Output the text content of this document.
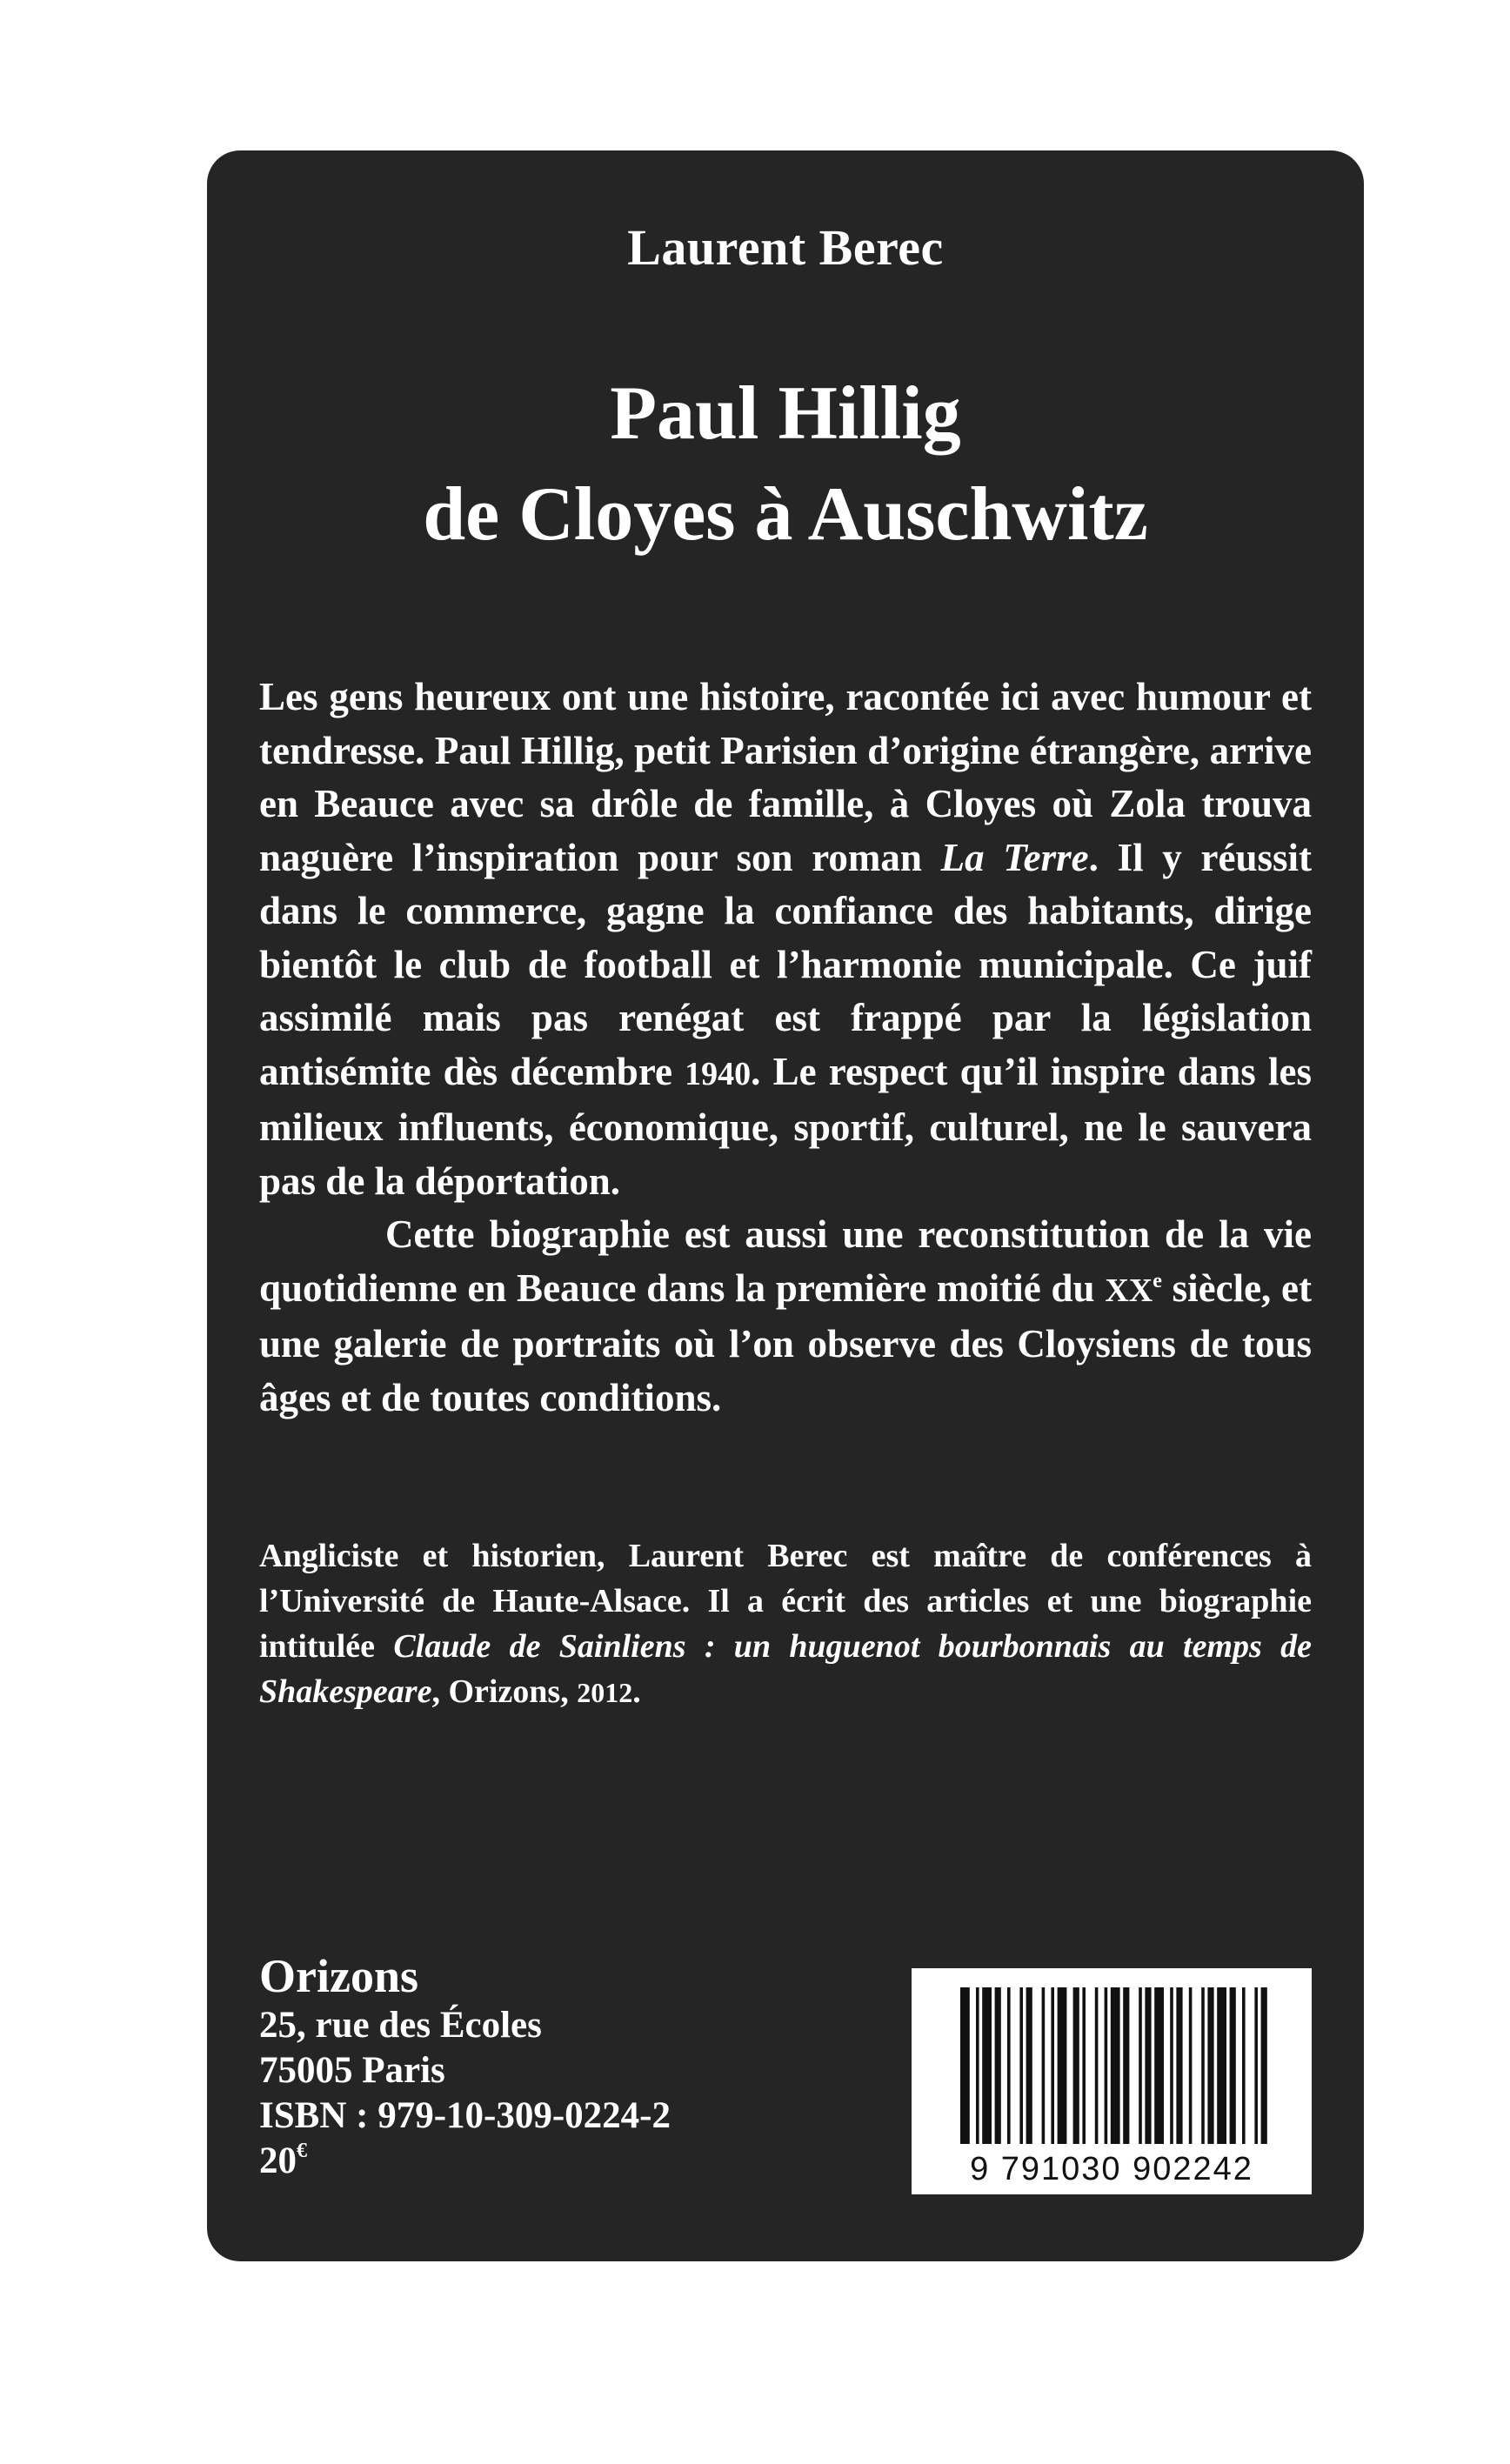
Laurent Berec
Paul Hillig
de Cloyes à Auschwitz

Les gens heureux ont une histoire, racontée ici avec humour et tendresse. Paul Hillig, petit Parisien d’origine étrangère, arrive en Beauce avec sa drôle de famille, à Cloyes où Zola trouva naguère l’inspiration pour son roman La Terre. Il y réussit dans le commerce, gagne la confiance des habitants, dirige bientôt le club de football et l’harmonie municipale. Ce juif assimilé mais pas renégat est frappé par la législation antisémite dès décembre 1940. Le respect qu’il inspire dans les milieux influents, économique, sportif, culturel, ne le sauvera pas de la déportation.

Cette biographie est aussi une reconstitution de la vie quotidienne en Beauce dans la première moitié du XXe siècle, et une galerie de portraits où l’on observe des Cloysiens de tous âges et de toutes conditions.

Angliciste et historien, Laurent Berec est maître de conférences à l’Université de Haute-Alsace. Il a écrit des articles et une biographie intitulée Claude de Sainliens : un huguenot bourbonnais au temps de Shakespeare, Orizons, 2012.

Orizons
25, rue des Écoles
75005 Paris
ISBN : 979-10-309-0224-2
20€	9 791030 902242
